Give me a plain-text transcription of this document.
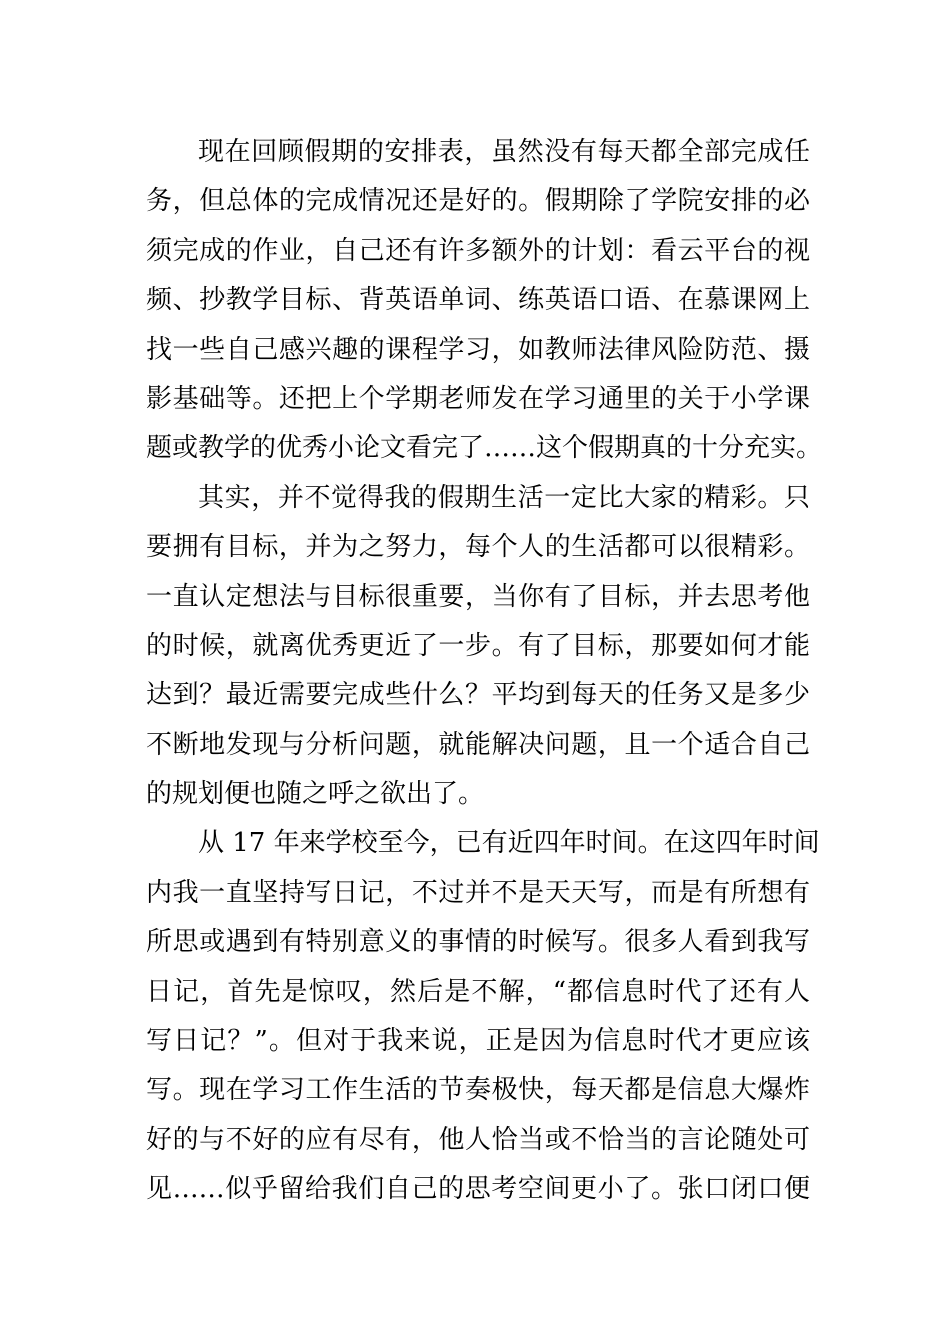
现在回顾假期的安排表，虽然没有每天都全部完成任
务，但总体的完成情况还是好的。假期除了学院安排的必
须完成的作业，自己还有许多额外的计划：看云平台的视
频、抄教学目标、背英语单词、练英语口语、在慕课网上
找一些自己感兴趣的课程学习，如教师法律风险防范、摄
影基础等。还把上个学期老师发在学习通里的关于小学课
题或教学的优秀小论文看完了……这个假期真的十分充实。
其实，并不觉得我的假期生活一定比大家的精彩。只
要拥有目标，并为之努力，每个人的生活都可以很精彩。
一直认定想法与目标很重要，当你有了目标，并去思考他
的时候，就离优秀更近了一步。有了目标，那要如何才能
达到？最近需要完成些什么？平均到每天的任务又是多少
不断地发现与分析问题，就能解决问题，且一个适合自己
的规划便也随之呼之欲出了。
从 17 年来学校至今，已有近四年时间。在这四年时间
内我一直坚持写日记，不过并不是天天写，而是有所想有
所思或遇到有特别意义的事情的时候写。很多人看到我写
日记，首先是惊叹，然后是不解，“都信息时代了还有人
写日记？”。但对于我来说，正是因为信息时代才更应该
写。现在学习工作生活的节奏极快，每天都是信息大爆炸
好的与不好的应有尽有，他人恰当或不恰当的言论随处可
见……似乎留给我们自己的思考空间更小了。张口闭口便
